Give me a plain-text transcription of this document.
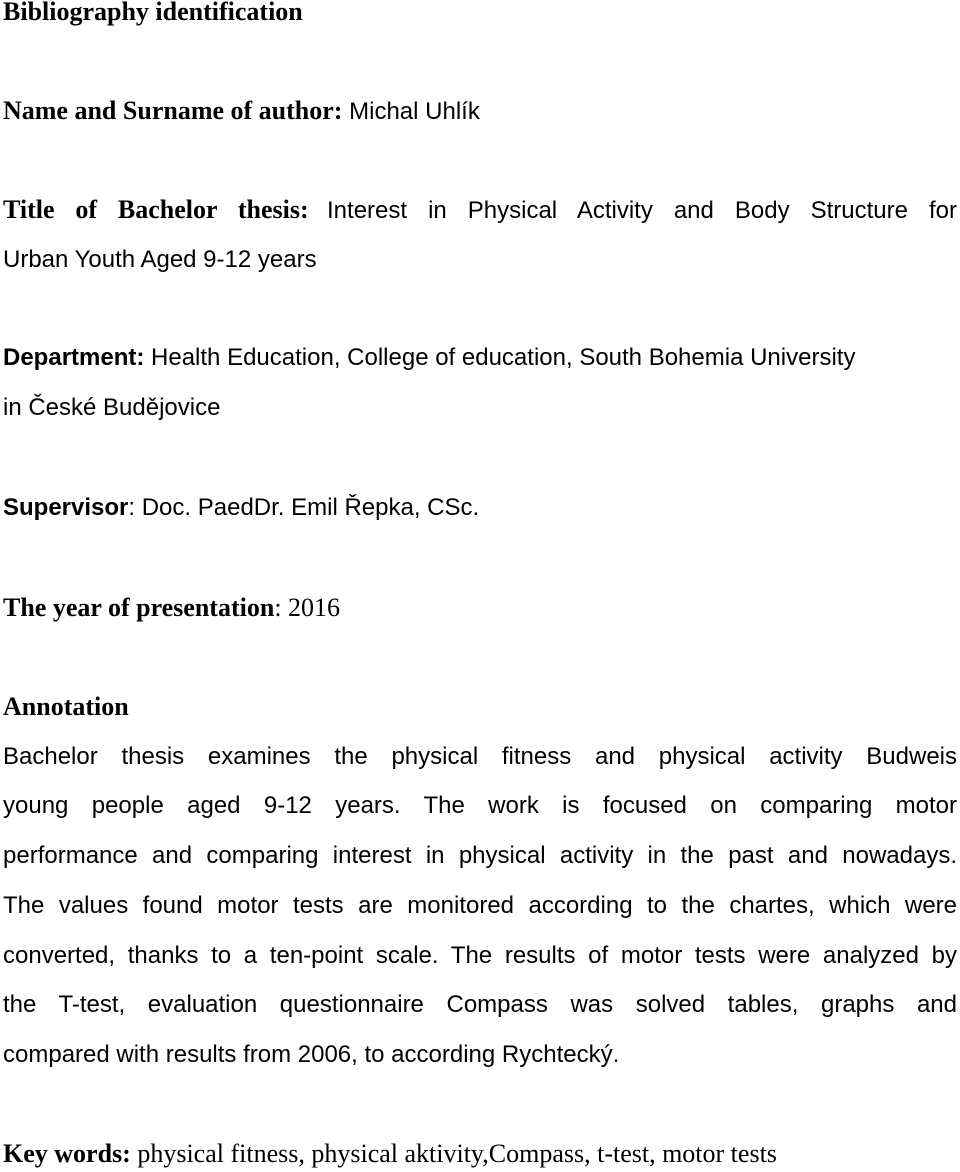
Bibliography identification

Name and Surname of author: Michal Uhlík

Title of Bachelor thesis: Interest in Physical Activity and Body Structure for

Urban Youth Aged 9-12 years

Department: Health Education, College of education, South Bohemia University

in České Budějovice

Supervisor: Doc. PaedDr. Emil Řepka, CSc.

The year of presentation: 2016

Annotation

Bachelor thesis examines the physical fitness and physical activity Budweis

young people aged 9-12 years. The work is focused on comparing motor

performance and comparing interest in physical activity in the past and nowadays.

The values found motor tests are monitored according to the chartes, which were

converted, thanks to a ten-point scale. The results of motor tests were analyzed by

the T-test, evaluation questionnaire Compass was solved tables, graphs and

compared with results from 2006, to according Rychtecký.

Key words: physical fitness, physical aktivity,Compass, t-test, motor tests
